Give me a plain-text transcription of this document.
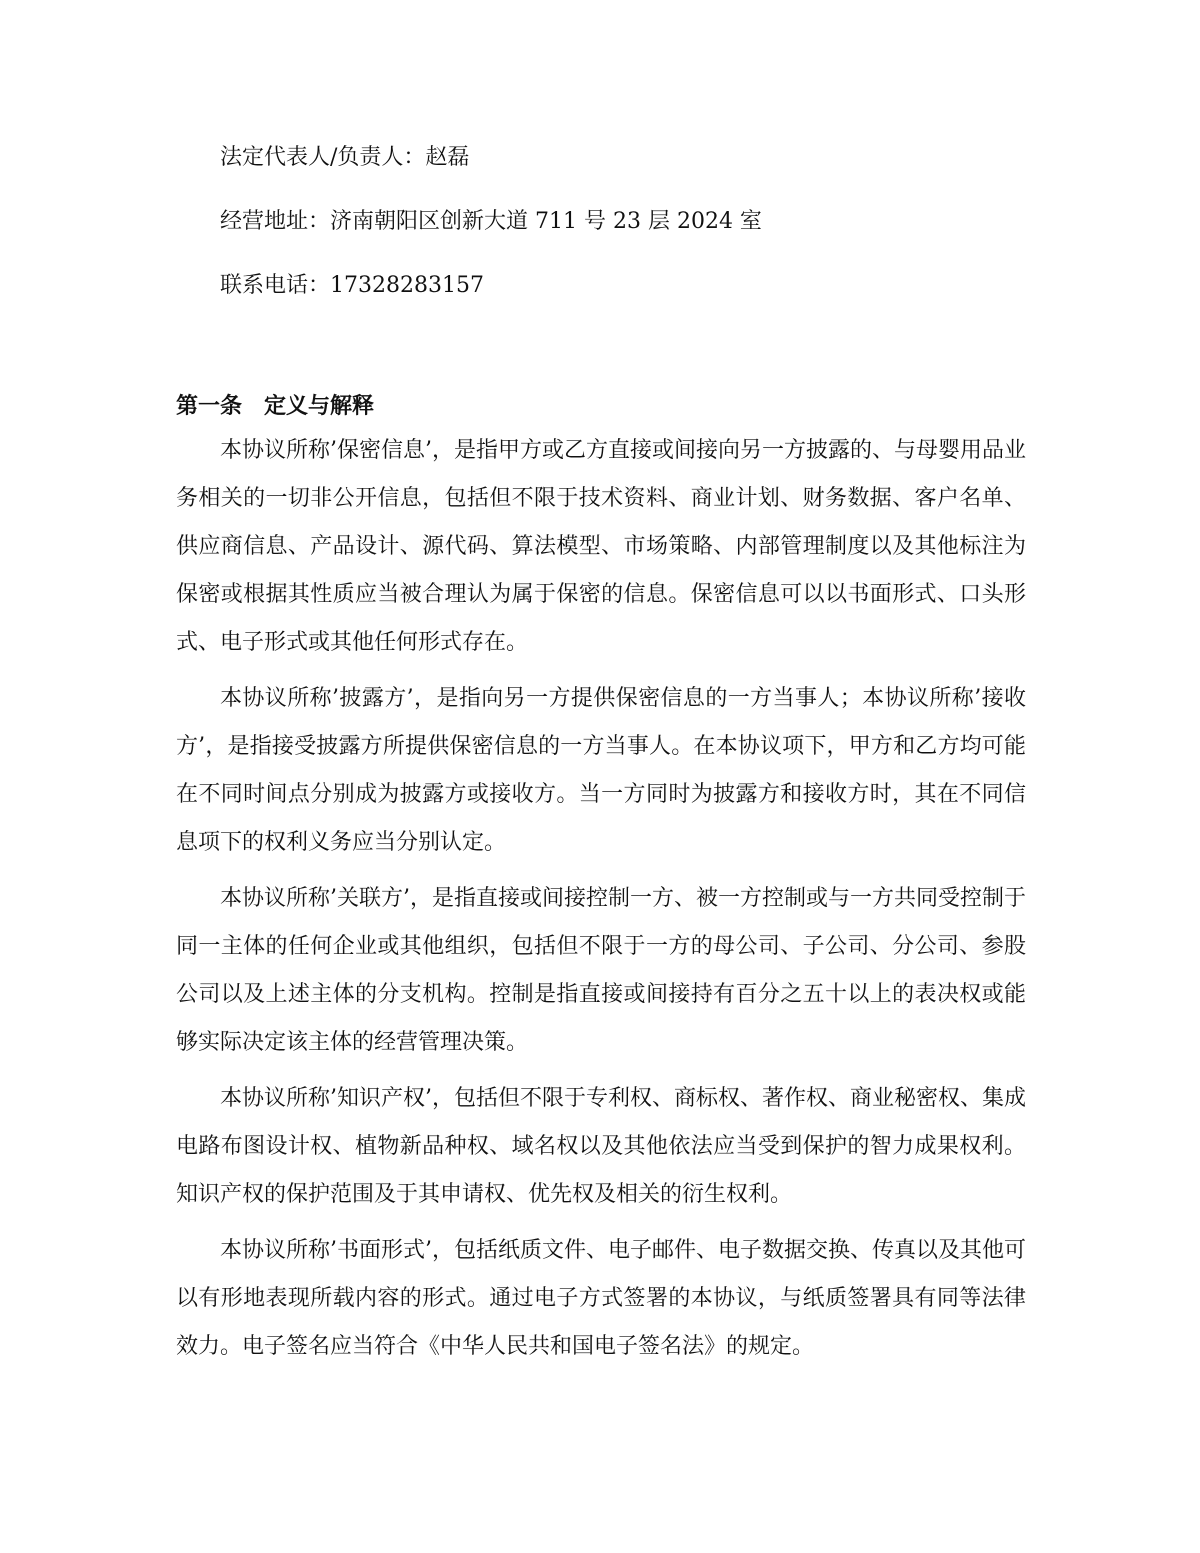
法定代表人/负责人：赵磊
经营地址：济南朝阳区创新大道 711 号 23 层 2024 室
联系电话：17328283157
第一条 定义与解释

本协议所称’保密信息’，是指甲方或乙方直接或间接向另一方披露的、与母婴用品业务相关的一切非公开信息，包括但不限于技术资料、商业计划、财务数据、客户名单、供应商信息、产品设计、源代码、算法模型、市场策略、内部管理制度以及其他标注为保密或根据其性质应当被合理认为属于保密的信息。保密信息可以以书面形式、口头形式、电子形式或其他任何形式存在。

本协议所称’披露方’，是指向另一方提供保密信息的一方当事人；本协议所称’接收方’，是指接受披露方所提供保密信息的一方当事人。在本协议项下，甲方和乙方均可能在不同时间点分别成为披露方或接收方。当一方同时为披露方和接收方时，其在不同信息项下的权利义务应当分别认定。

本协议所称’关联方’，是指直接或间接控制一方、被一方控制或与一方共同受控制于同一主体的任何企业或其他组织，包括但不限于一方的母公司、子公司、分公司、参股公司以及上述主体的分支机构。控制是指直接或间接持有百分之五十以上的表决权或能够实际决定该主体的经营管理决策。

本协议所称’知识产权’，包括但不限于专利权、商标权、著作权、商业秘密权、集成电路布图设计权、植物新品种权、域名权以及其他依法应当受到保护的智力成果权利。知识产权的保护范围及于其申请权、优先权及相关的衍生权利。

本协议所称’书面形式’，包括纸质文件、电子邮件、电子数据交换、传真以及其他可以有形地表现所载内容的形式。通过电子方式签署的本协议，与纸质签署具有同等法律效力。电子签名应当符合《中华人民共和国电子签名法》的规定。
